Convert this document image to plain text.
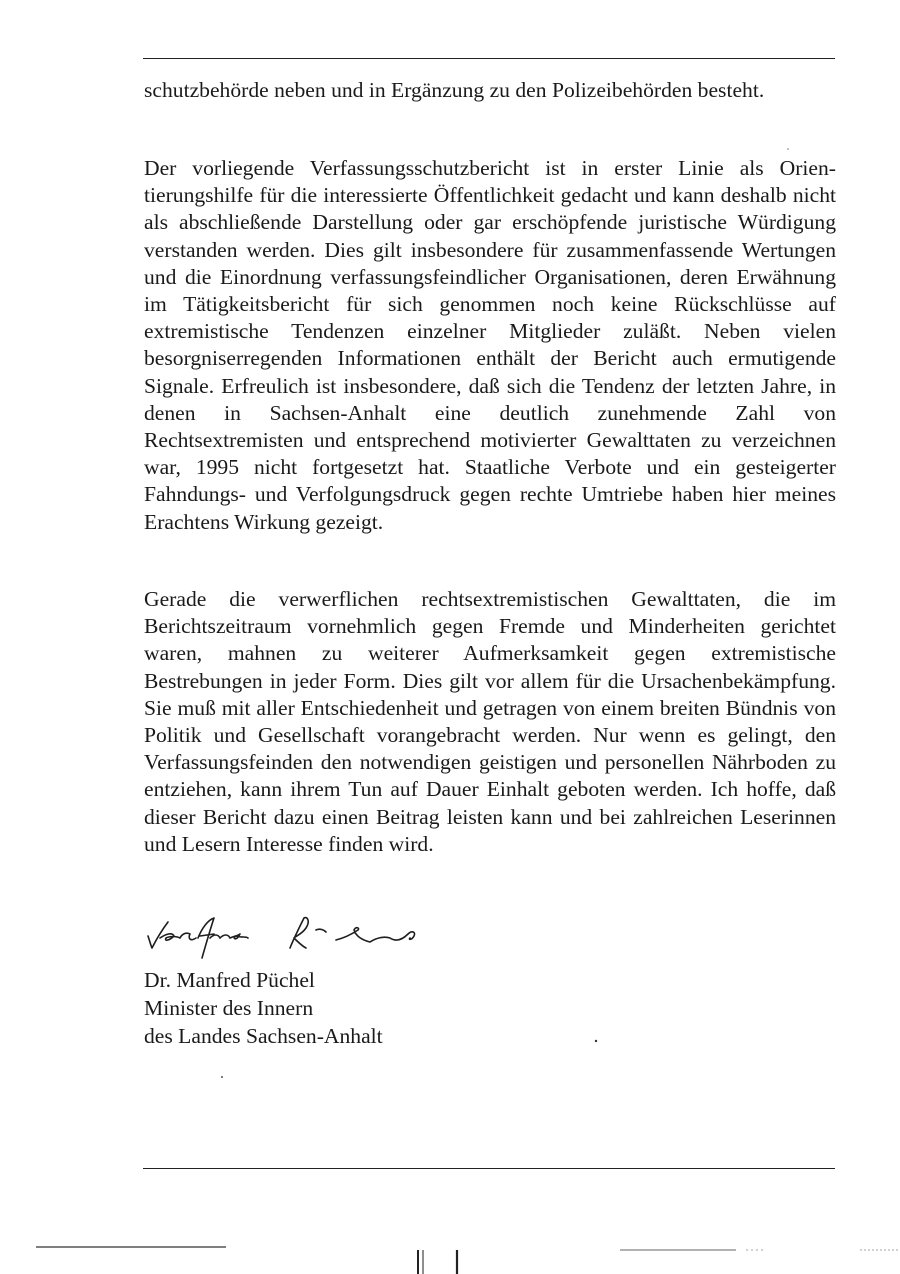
schutzbehörde neben und in Ergänzung zu den Polizeibehörden besteht.

Der vorliegende Verfassungsschutzbericht ist in erster Linie als Orientierungshilfe für die interessierte Öffentlichkeit gedacht und kann deshalb nicht als abschließende Darstellung oder gar erschöpfende juristische Würdigung verstanden werden. Dies gilt insbesondere für zusammenfassende Wertungen und die Einordnung verfassungsfeindlicher Organisationen, deren Erwähnung im Tätigkeitsbericht für sich genommen noch keine Rückschlüsse auf extremistische Tendenzen einzelner Mitglieder zuläßt. Neben vielen besorgniserregenden Informationen enthält der Bericht auch ermutigende Signale. Erfreulich ist insbesondere, daß sich die Tendenz der letzten Jahre, in denen in Sachsen-Anhalt eine deutlich zunehmende Zahl von Rechtsextremisten und entsprechend motivierter Gewalttaten zu verzeichnen war, 1995 nicht fortgesetzt hat. Staatliche Verbote und ein gesteigerter Fahndungs- und Verfolgungsdruck gegen rechte Umtriebe haben hier meines Erachtens Wirkung gezeigt.

Gerade die verwerflichen rechtsextremistischen Gewalttaten, die im Berichtszeitraum vornehmlich gegen Fremde und Minderheiten gerichtet waren, mahnen zu weiterer Aufmerksamkeit gegen extremistische Bestrebungen in jeder Form. Dies gilt vor allem für die Ursachenbekämpfung. Sie muß mit aller Entschiedenheit und getragen von einem breiten Bündnis von Politik und Gesellschaft vorangebracht werden. Nur wenn es gelingt, den Verfassungsfeinden den notwendigen geistigen und personellen Nährboden zu entziehen, kann ihrem Tun auf Dauer Einhalt geboten werden. Ich hoffe, daß dieser Bericht dazu einen Beitrag leisten kann und bei zahlreichen Leserinnen und Lesern Interesse finden wird.

Dr. Manfred Püchel
Minister des Innern
des Landes Sachsen-Anhalt
